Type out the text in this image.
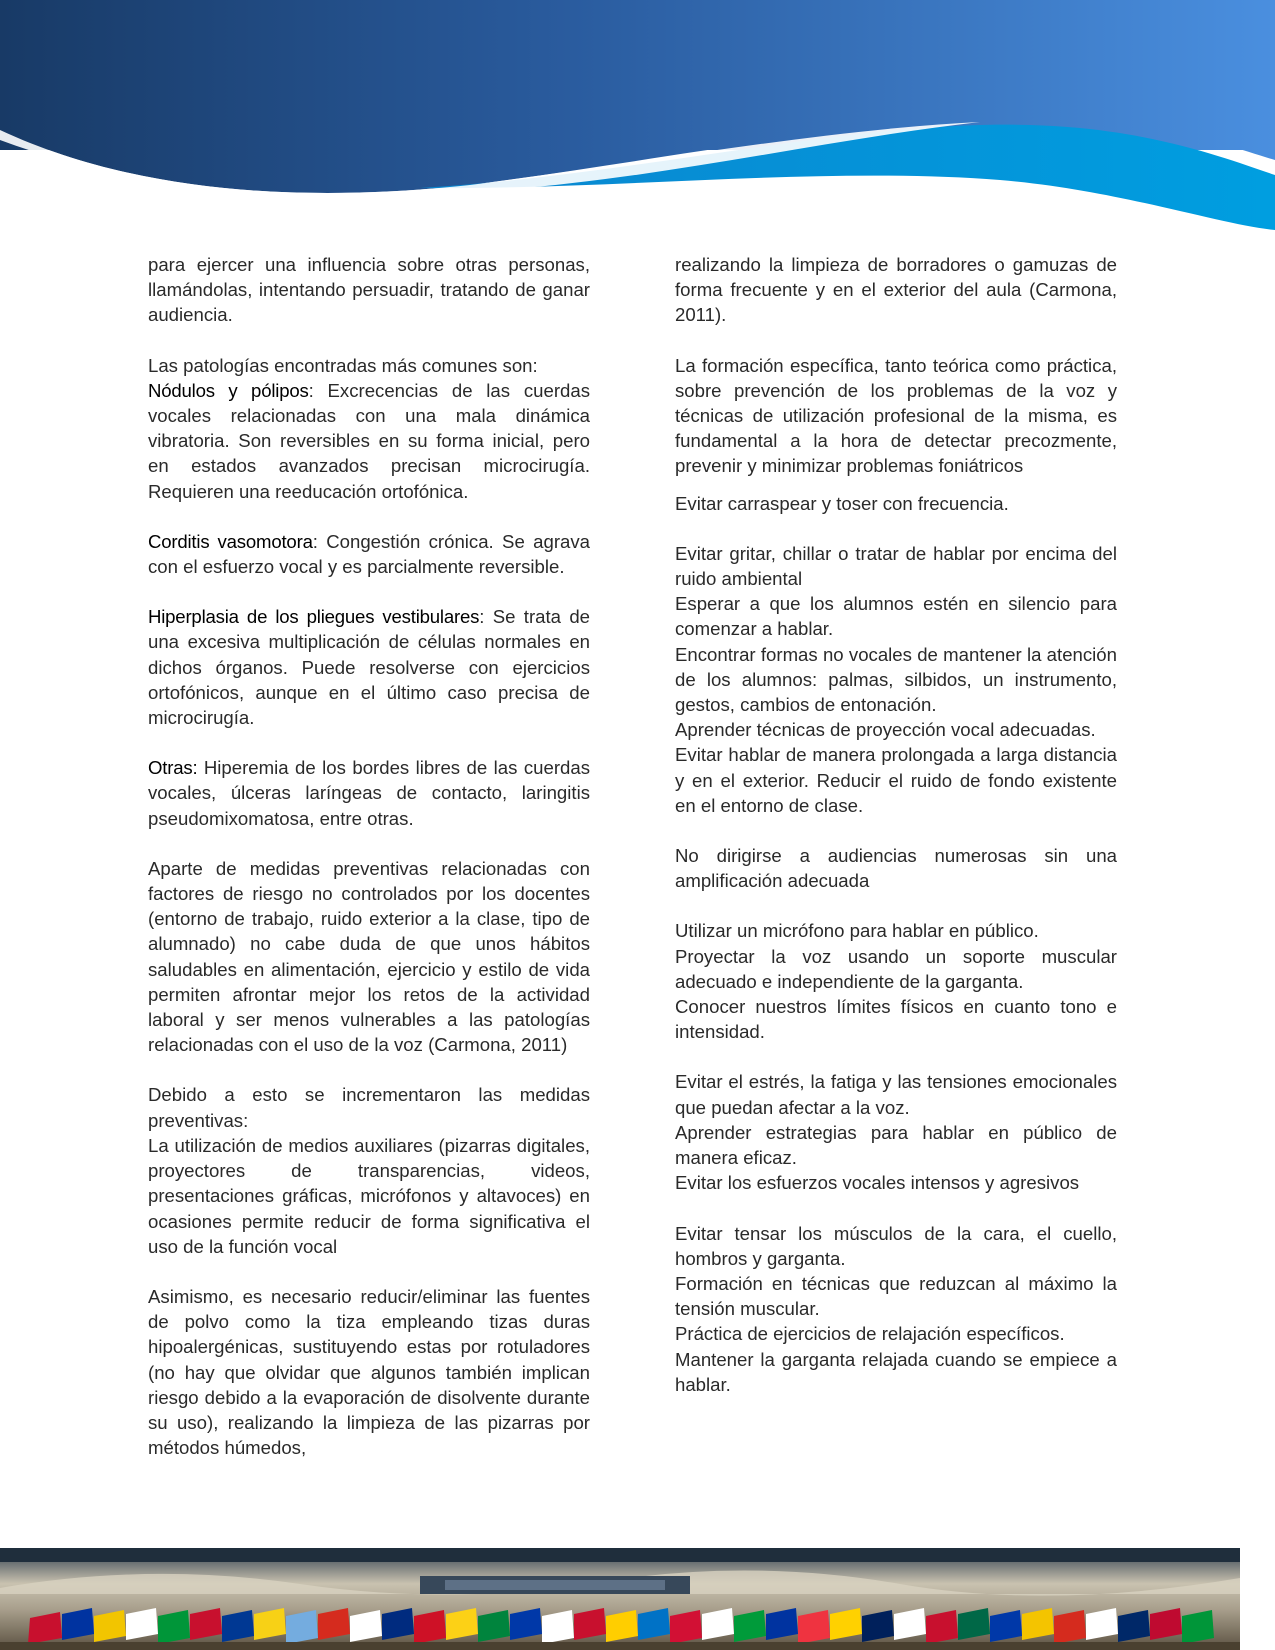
para ejercer una influencia sobre otras personas, llamándolas, intentando persuadir, tratando de ganar audiencia.

Las patologías encontradas más comunes son:

Nódulos y pólipos: Excrecencias de las cuerdas vocales relacionadas con una mala dinámica vibratoria. Son reversibles en su forma inicial, pero en estados avanzados precisan microcirugía. Requieren una reeducación ortofónica.

Corditis vasomotora: Congestión crónica. Se agrava con el esfuerzo vocal y es parcialmente reversible.

Hiperplasia de los pliegues vestibulares: Se trata de una excesiva multiplicación de células normales en dichos órganos. Puede resolverse con ejercicios ortofónicos, aunque en el último caso precisa de microcirugía.

Otras: Hiperemia de los bordes libres de las cuerdas vocales, úlceras laríngeas de contacto, laringitis pseudomixomatosa, entre otras.

Aparte de medidas preventivas relacionadas con factores de riesgo no controlados por los docentes (entorno de trabajo, ruido exterior a la clase, tipo de alumnado) no cabe duda de que unos hábitos saludables en alimentación, ejercicio y estilo de vida permiten afrontar mejor los retos de la actividad laboral y ser menos vulnerables a las patologías relacionadas con el uso de la voz (Carmona, 2011)

Debido a esto se incrementaron las medidas preventivas:

La utilización de medios auxiliares (pizarras digitales, proyectores de transparencias, videos, presentaciones gráficas, micrófonos y altavoces) en ocasiones permite reducir de forma significativa el uso de la función vocal

Asimismo, es necesario reducir/eliminar las fuentes de polvo como la tiza empleando tizas duras hipoalergénicas, sustituyendo estas por rotuladores (no hay que olvidar que algunos también implican riesgo debido a la evaporación de disolvente durante su uso), realizando la limpieza de las pizarras por métodos húmedos,

realizando la limpieza de borradores o gamuzas de forma frecuente y en el exterior del aula (Carmona, 2011).

La formación específica, tanto teórica como práctica, sobre prevención de los problemas de la voz y técnicas de utilización profesional de la misma, es fundamental a la hora de detectar precozmente, prevenir y minimizar problemas foniátricos

Evitar carraspear y toser con frecuencia.

Evitar gritar, chillar o tratar de hablar por encima del ruido ambiental

Esperar a que los alumnos estén en silencio para comenzar a hablar.

Encontrar formas no vocales de mantener la atención de los alumnos: palmas, silbidos, un instrumento, gestos, cambios de entonación.

Aprender técnicas de proyección vocal adecuadas.

Evitar hablar de manera prolongada a larga distancia y en el exterior. Reducir el ruido de fondo existente en el entorno de clase.

No dirigirse a audiencias numerosas sin una amplificación adecuada

Utilizar un micrófono para hablar en público.

Proyectar la voz usando un soporte muscular adecuado e independiente de la garganta.

Conocer nuestros límites físicos en cuanto tono e intensidad.

Evitar el estrés, la fatiga y las tensiones emocionales que puedan afectar a la voz.

Aprender estrategias para hablar en público de manera eficaz.

Evitar los esfuerzos vocales intensos y agresivos

Evitar tensar los músculos de la cara, el cuello, hombros y garganta.

Formación en técnicas que reduzcan al máximo la tensión muscular.

Práctica de ejercicios de relajación específicos.

Mantener la garganta relajada cuando se empiece a hablar.
